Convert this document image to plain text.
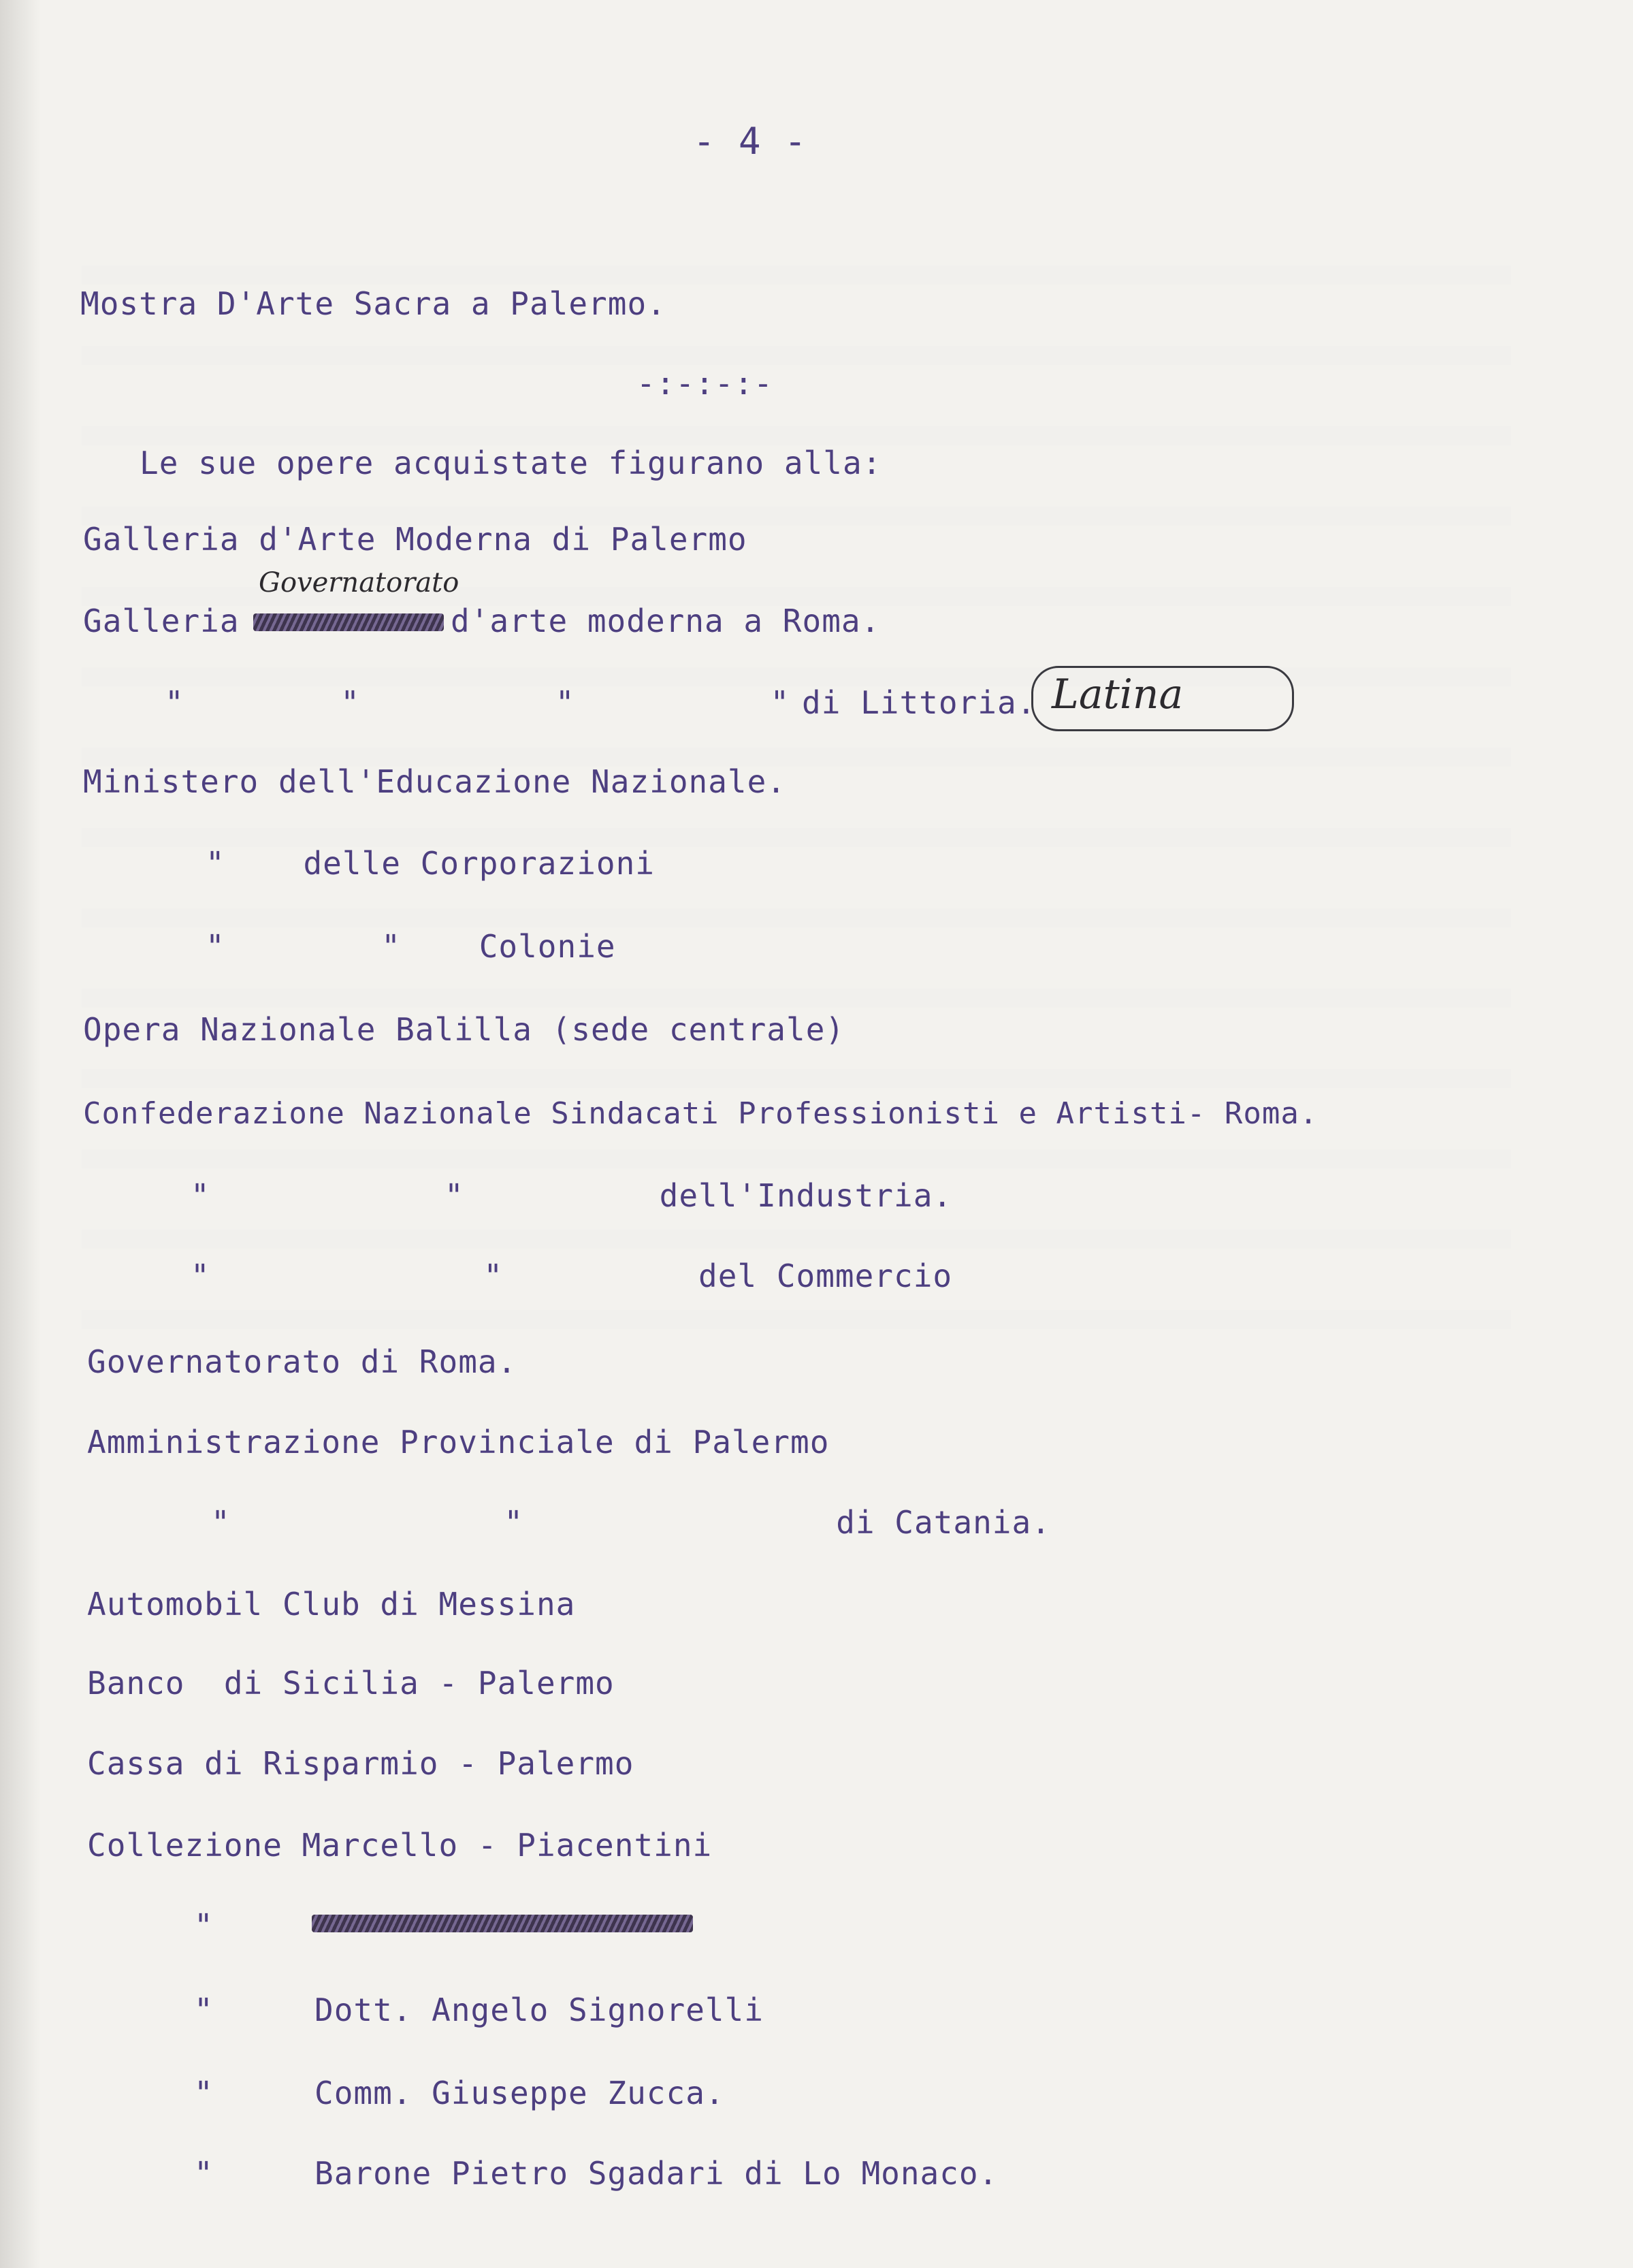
- 4 -
Mostra D'Arte Sacra a Palermo.
-:-:-:-
Le sue opere acquistate figurano alla:
Galleria d'Arte Moderna di Palermo
Galleria
Governatorato
d'arte moderna a Roma.
"        "          "          " di Littoria. Latina
Ministero dell'Educazione Nazionale.
"    delle Corporazioni
"        "    Colonie
Opera Nazionale Balilla (sede centrale)
Confederazione Nazionale Sindacati Professionisti e Artisti- Roma.
"            "          dell'Industria.
"              "          del Commercio
Governatorato di Roma.
Amministrazione Provinciale di Palermo
"              "                di Catania.
Automobil Club di Messina
Banco  di Sicilia - Palermo
Cassa di Risparmio - Palermo
Collezione Marcello - Piacentini
"
"	Dott. Angelo Signorelli
"	Comm. Giuseppe Zucca.
"	Barone Pietro Sgadari di Lo Monaco.
